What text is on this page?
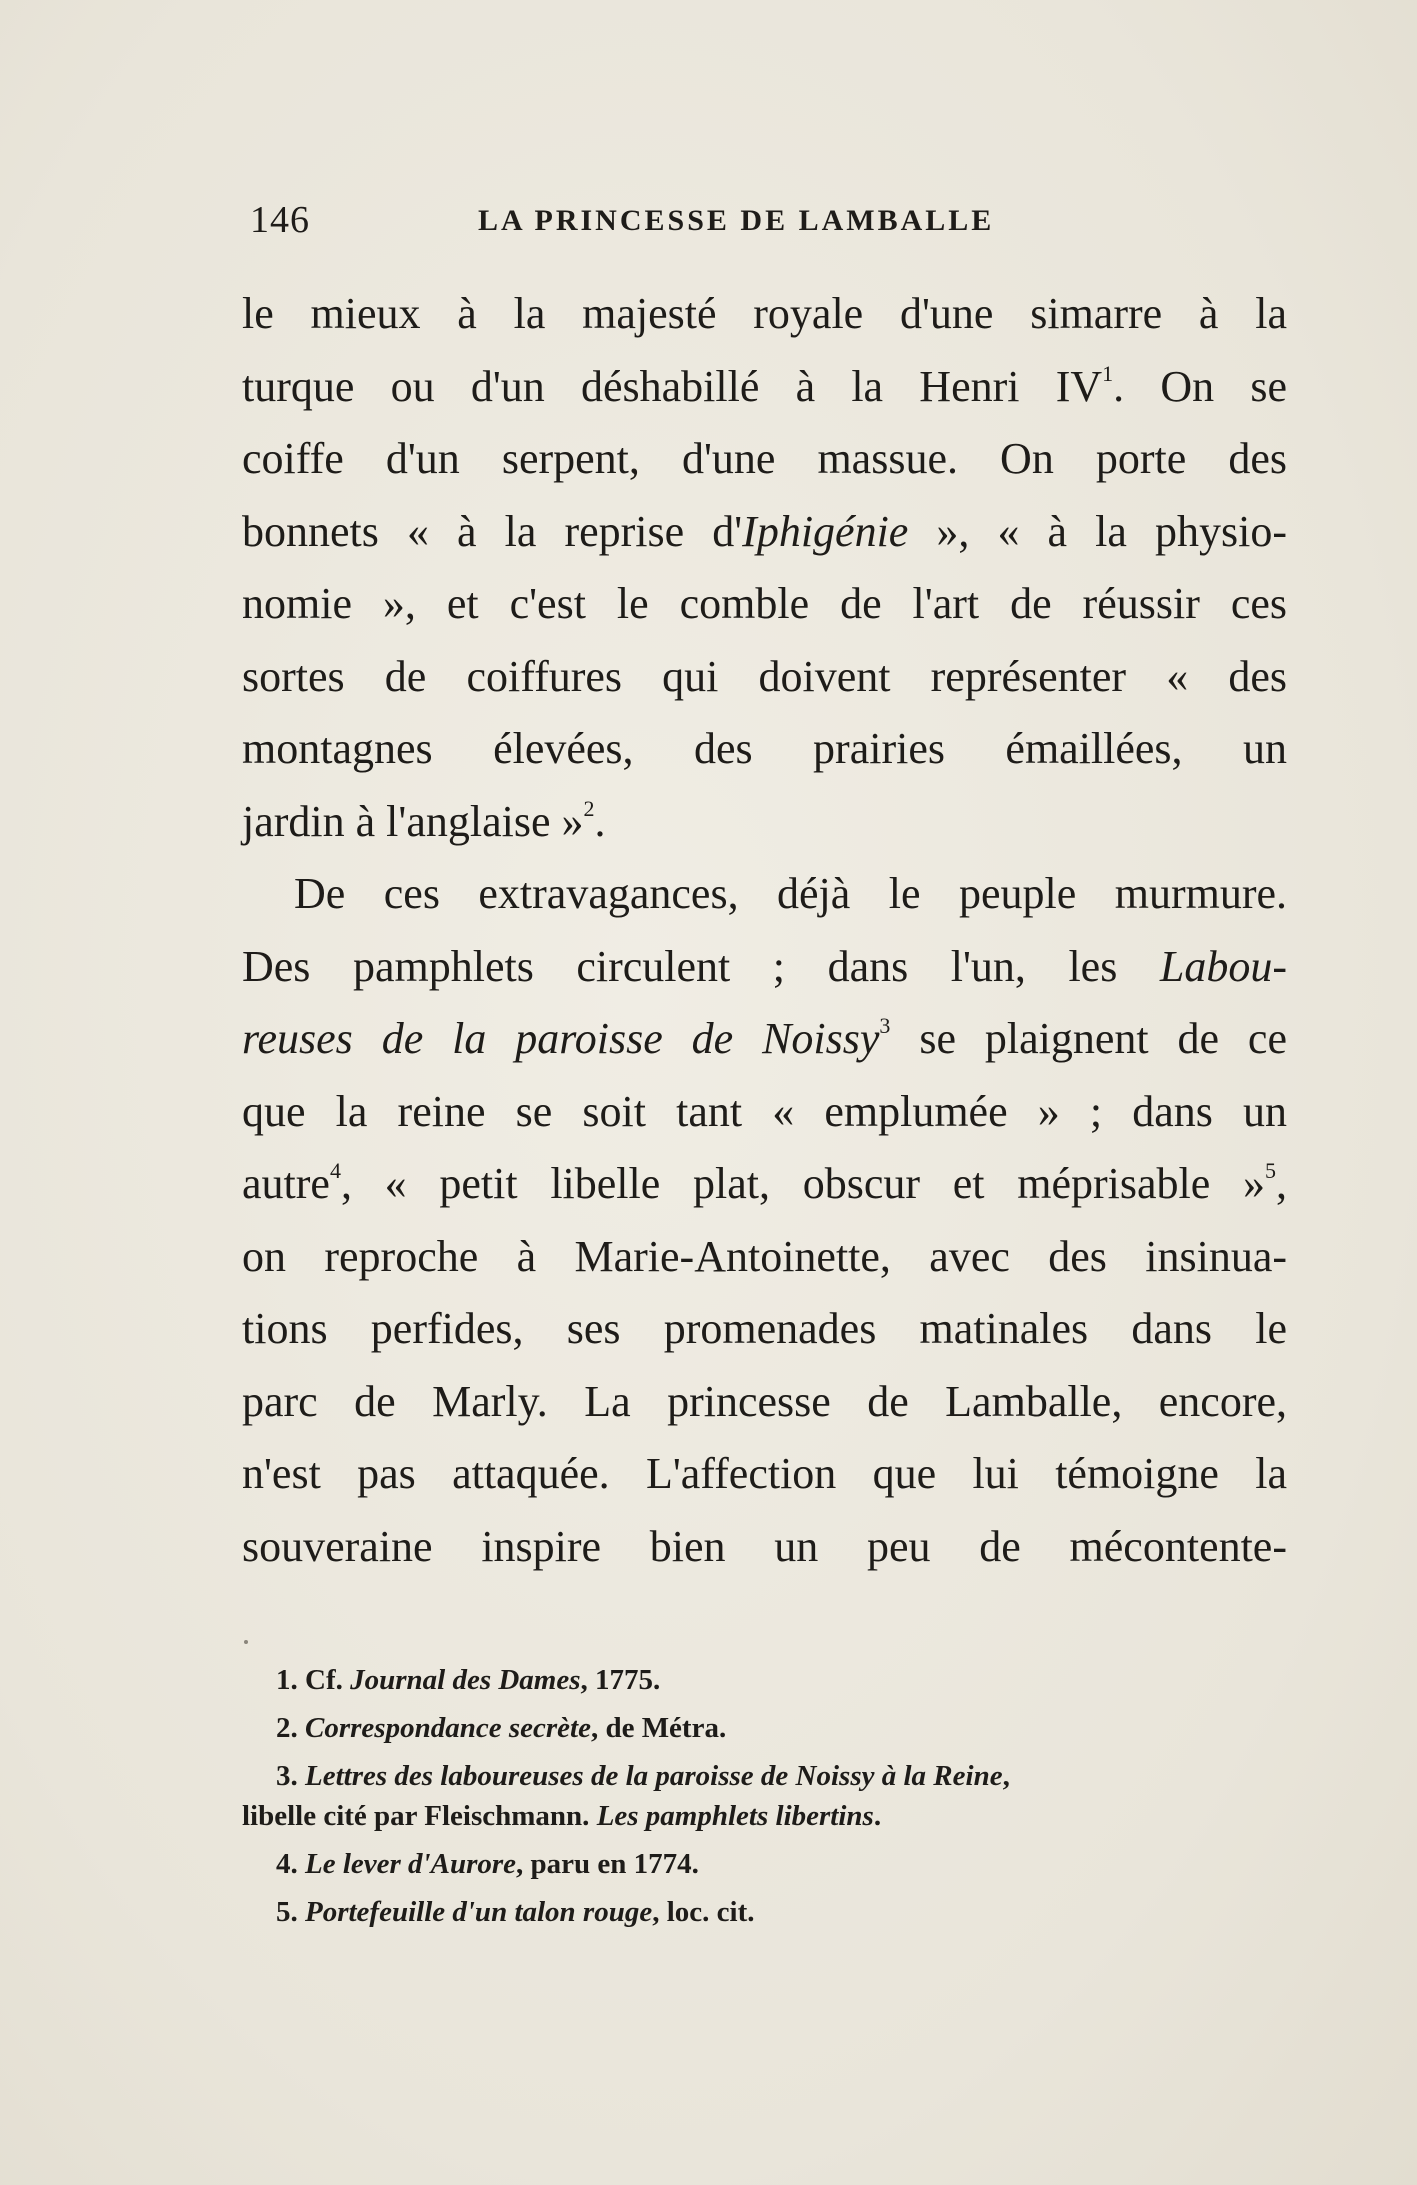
146	LA PRINCESSE DE LAMBALLE

le mieux à la majesté royale d'une simarre à la
turque ou d'un déshabillé à la Henri $IV^1$. On se
coiffe d'un serpent, d'une massue. On porte des
bonnets « à la reprise d'Iphigénie », « à la physio-
nomie », et c'est le comble de l'art de réussir ces
sortes de coiffures qui doivent représenter « des
montagnes élevées, des prairies émaillées, un
jardin à l'anglaise »$^2$.

De ces extravagances, déjà le peuple murmure.
Des pamphlets circulent ; dans l'un, les Labou-
reuses de la paroisse de Noissy$^3$ se plaignent de ce
que la reine se soit tant « emplumée » ; dans un
autre$^4$, « petit libelle plat, obscur et méprisable »$^5$,
on reproche à Marie-Antoinette, avec des insinua-
tions perfides, ses promenades matinales dans le
parc de Marly. La princesse de Lamballe, encore,
n'est pas attaquée. L'affection que lui témoigne la
souveraine inspire bien un peu de mécontente-

1. Cf. Journal des Dames, 1775.
2. Correspondance secrète, de Métra.
3. Lettres des laboureuses de la paroisse de Noissy à la Reine,
libelle cité par Fleischmann. Les pamphlets libertins.
4. Le lever d'Aurore, paru en 1774.
5. Portefeuille d'un talon rouge, loc. cit.
